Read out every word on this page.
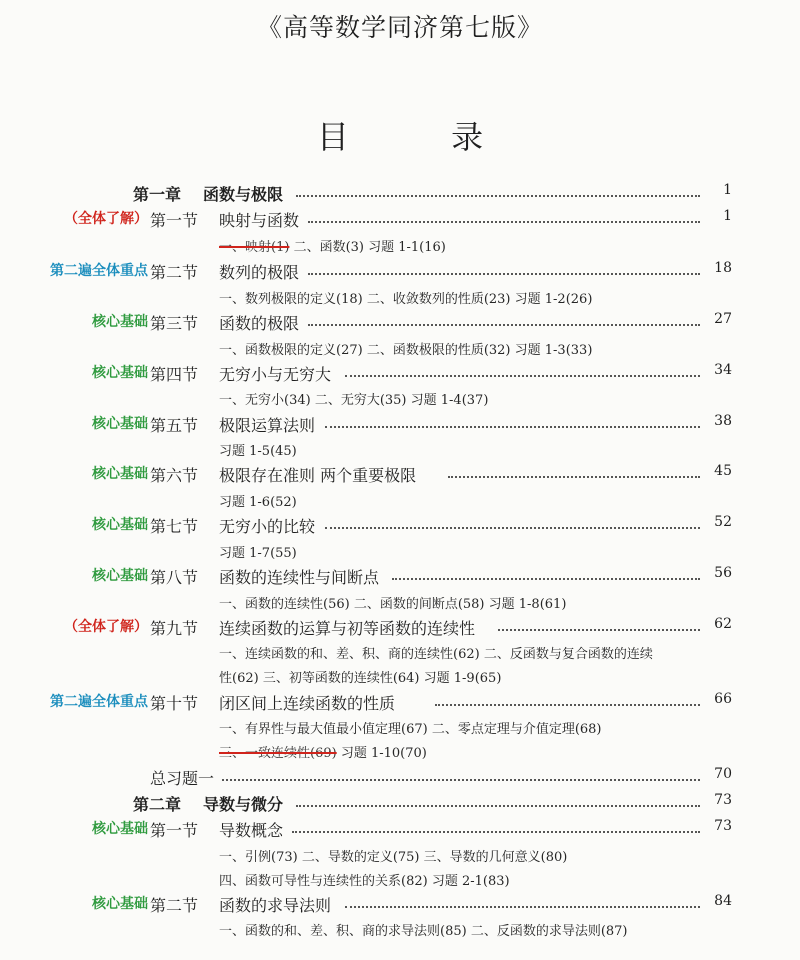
《高等数学同济第七版》
目 录
第一章 函数与极限	1
（全体了解） 第一节 映射与函数	1
一、映射(1) 二、函数(3) 习题 1-1(16)
第二遍全体重点 第二节 数列的极限	18
一、数列极限的定义(18) 二、收敛数列的性质(23) 习题 1-2(26)
核心基础 第三节 函数的极限	27
一、函数极限的定义(27) 二、函数极限的性质(32) 习题 1-3(33)
核心基础 第四节 无穷小与无穷大	34
一、无穷小(34) 二、无穷大(35) 习题 1-4(37)
核心基础 第五节 极限运算法则	38
习题 1-5(45)
核心基础 第六节 极限存在准则 两个重要极限	45
习题 1-6(52)
核心基础 第七节 无穷小的比较	52
习题 1-7(55)
核心基础 第八节 函数的连续性与间断点	56
一、函数的连续性(56) 二、函数的间断点(58) 习题 1-8(61)
（全体了解） 第九节 连续函数的运算与初等函数的连续性	62
一、连续函数的和、差、积、商的连续性(62) 二、反函数与复合函数的连续
性(62) 三、初等函数的连续性(64) 习题 1-9(65)
第二遍全体重点 第十节 闭区间上连续函数的性质	66
一、有界性与最大值最小值定理(67) 二、零点定理与介值定理(68)
三、一致连续性(69) 习题 1-10(70)
总习题一	70
第二章 导数与微分	73
核心基础 第一节 导数概念	73
一、引例(73) 二、导数的定义(75) 三、导数的几何意义(80)
四、函数可导性与连续性的关系(82) 习题 2-1(83)
核心基础 第二节 函数的求导法则	84
一、函数的和、差、积、商的求导法则(85) 二、反函数的求导法则(87)
